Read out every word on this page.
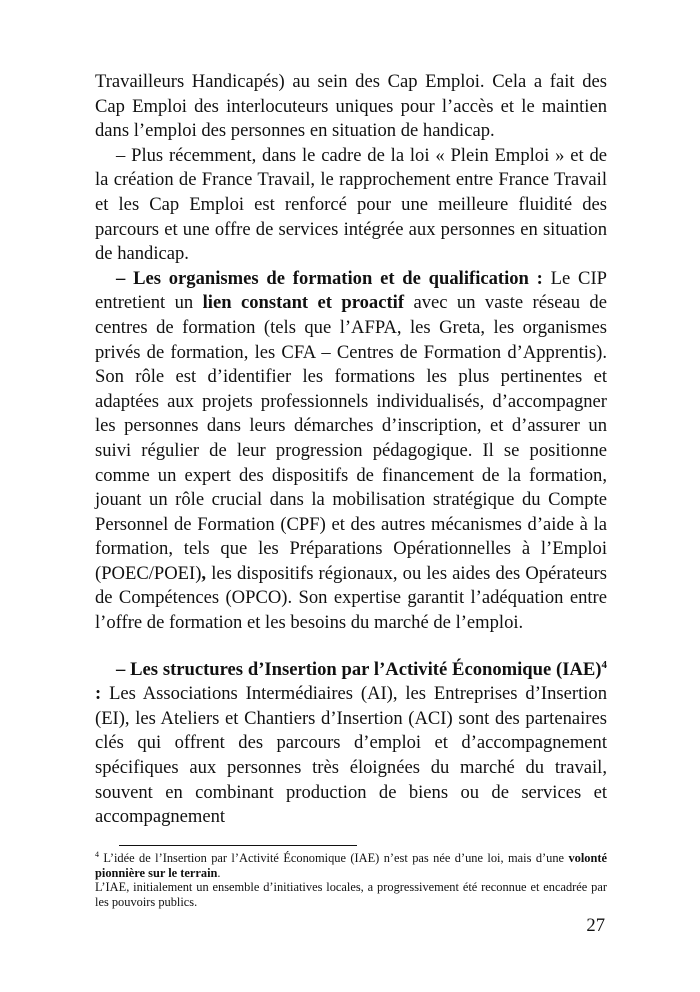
Travailleurs Handicapés) au sein des Cap Emploi. Cela a fait des Cap Emploi des interlocuteurs uniques pour l’accès et le maintien dans l’emploi des personnes en situation de handicap.

– Plus récemment, dans le cadre de la loi « Plein Emploi » et de la création de France Travail, le rapprochement entre France Travail et les Cap Emploi est renforcé pour une meilleure fluidité des parcours et une offre de services intégrée aux personnes en situation de handicap.

– Les organismes de formation et de qualification : Le CIP entretient un lien constant et proactif avec un vaste réseau de centres de formation (tels que l’AFPA, les Greta, les organismes privés de formation, les CFA – Centres de Formation d’Apprentis). Son rôle est d’identifier les formations les plus pertinentes et adaptées aux projets professionnels individualisés, d’accompagner les personnes dans leurs démarches d’inscription, et d’assurer un suivi régulier de leur progression pédagogique. Il se positionne comme un expert des dispositifs de financement de la formation, jouant un rôle crucial dans la mobilisation stratégique du Compte Personnel de Formation (CPF) et des autres mécanismes d’aide à la formation, tels que les Préparations Opérationnelles à l’Emploi (POEC/POEI), les dispositifs régionaux, ou les aides des Opérateurs de Compétences (OPCO). Son expertise garantit l’adéquation entre l’offre de formation et les besoins du marché de l’emploi.

– Les structures d’Insertion par l’Activité Économique (IAE)$^4$ : Les Associations Intermédiaires (AI), les Entreprises d’Insertion (EI), les Ateliers et Chantiers d’Insertion (ACI) sont des partenaires clés qui offrent des parcours d’emploi et d’accompagnement spécifiques aux personnes très éloignées du marché du travail, souvent en combinant production de biens ou de services et accompagnement

$^4$ L’idée de l’Insertion par l’Activité Économique (IAE) n’est pas née d’une loi, mais d’une volonté pionnière sur le terrain.

L’IAE, initialement un ensemble d’initiatives locales, a progressivement été reconnue et encadrée par les pouvoirs publics.

27
